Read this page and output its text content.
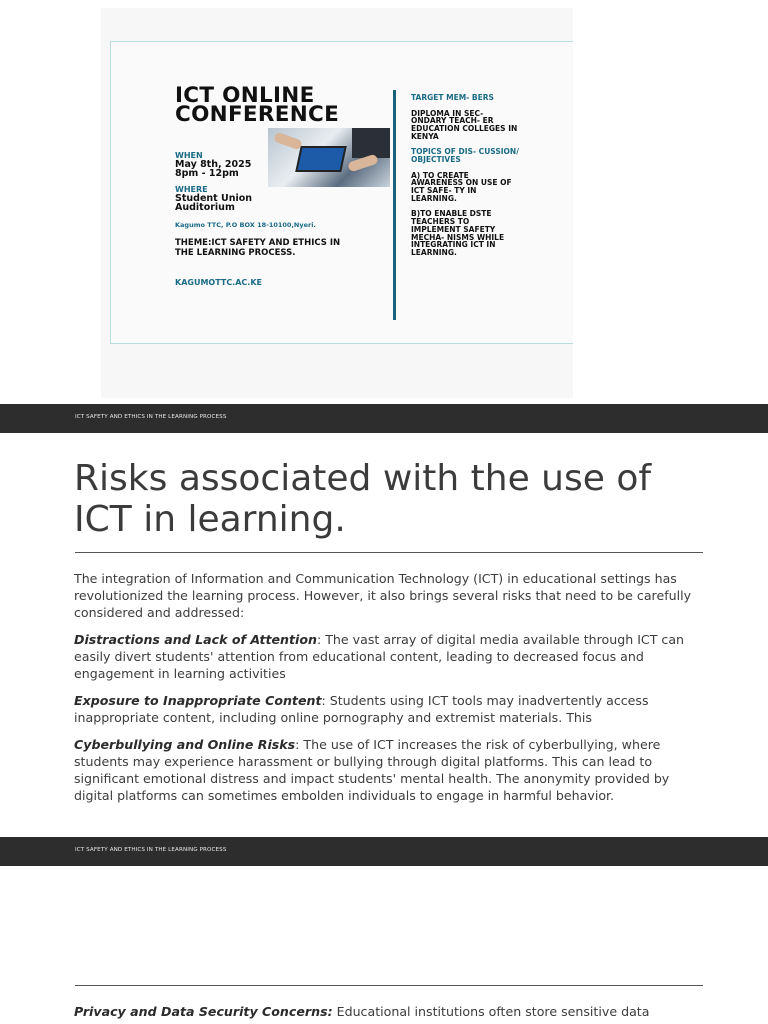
ICT ONLINE
CONFERENCE
WHEN
May 8th, 2025
8pm - 12pm
WHERE
Student Union
Auditorium
Kagumo TTC, P.O BOX 18-10100,Nyeri.
THEME:ICT SAFETY AND ETHICS IN
THE LEARNING PROCESS.
KAGUMOTTC.AC.KE
TARGET MEM- BERS
DIPLOMA IN SEC- ONDARY TEACH- ER EDUCATION COLLEGES IN KENYA
TOPICS OF DIS- CUSSION/ OBJECTIVES
A) TO CREATE AWARENESS ON USE OF ICT SAFE- TY IN LEARNING.
B)TO ENABLE DSTE TEACHERS TO IMPLEMENT SAFETY MECHA- NISMS WHILE INTEGRATING ICT IN LEARNING.
ICT SAFETY AND ETHICS IN THE LEARNING PROCESS
Risks associated with the use of ICT in learning.

The integration of Information and Communication Technology (ICT) in educational settings has revolutionized the learning process. However, it also brings several risks that need to be carefully considered and addressed:

Distractions and Lack of Attention: The vast array of digital media available through ICT can easily divert students' attention from educational content, leading to decreased focus and engagement in learning activities

Exposure to Inappropriate Content: Students using ICT tools may inadvertently access inappropriate content, including online pornography and extremist materials. This

Cyberbullying and Online Risks: The use of ICT increases the risk of cyberbullying, where students may experience harassment or bullying through digital platforms. This can lead to significant emotional distress and impact students' mental health. The anonymity provided by digital platforms can sometimes embolden individuals to engage in harmful behavior.

ICT SAFETY AND ETHICS IN THE LEARNING PROCESS

Privacy and Data Security Concerns: Educational institutions often store sensitive data
